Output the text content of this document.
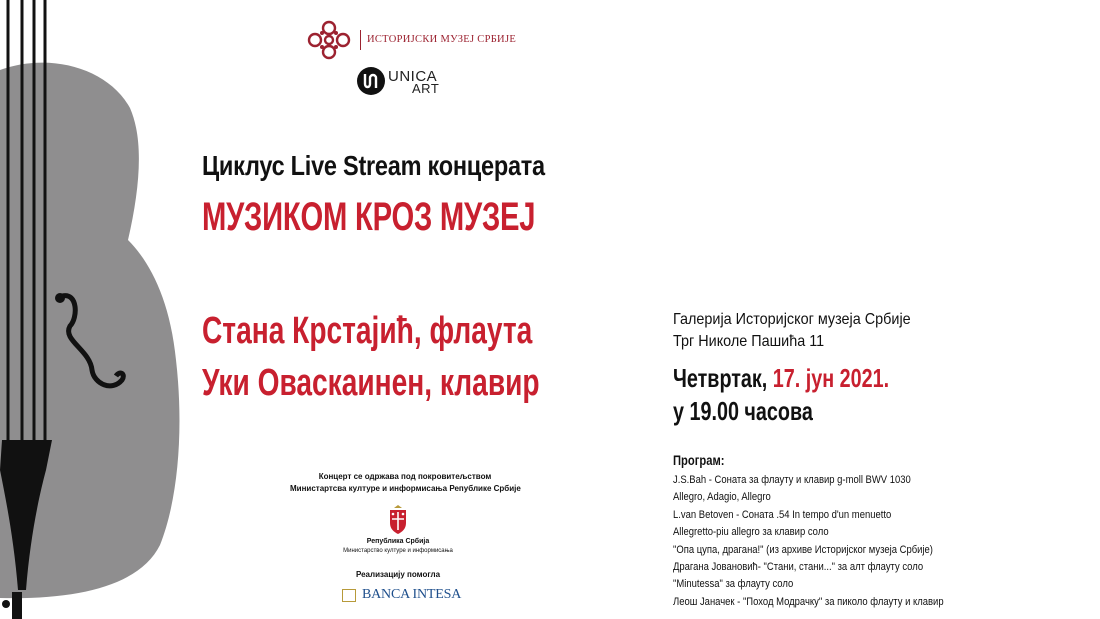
ИСТОРИЈСКИ МУЗЕЈ СРБИЈЕ
UNICA
ART
Циклус Live Stream концерата
МУЗИКОМ КРОЗ МУЗЕЈ
Стана Крстајић, флаута
Уки Оваскаинен, клавир
Галерија Историјског музеја Србије
Трг Николе Пашића 11
Четвртак, 17. јун 2021.
у 19.00 часова
Програм:
J.S.Bah - Соната за флауту и клавир g-moll BWV 1030
Allegro, Adagio, Allegro
L.van Betoven - Соната .54 In tempo d'un menuetto
Allegretto-piu allegro за клавир соло
"Опа цупа, драгана!" (из архиве Историјског музеја Србије)
Драгана Јовановић- "Стани, стани..." за алт флауту соло
"Minutessa" за флауту соло
Леош Јаначек - "Поход Модрачку" за пиколо флауту и клавир
Концерт се одржава под покровитељством
Министартсва културе и информисања Републике Србије
Република Србија
Министарство културе и информисања
Реализацију помогла
BANCA INTESA
